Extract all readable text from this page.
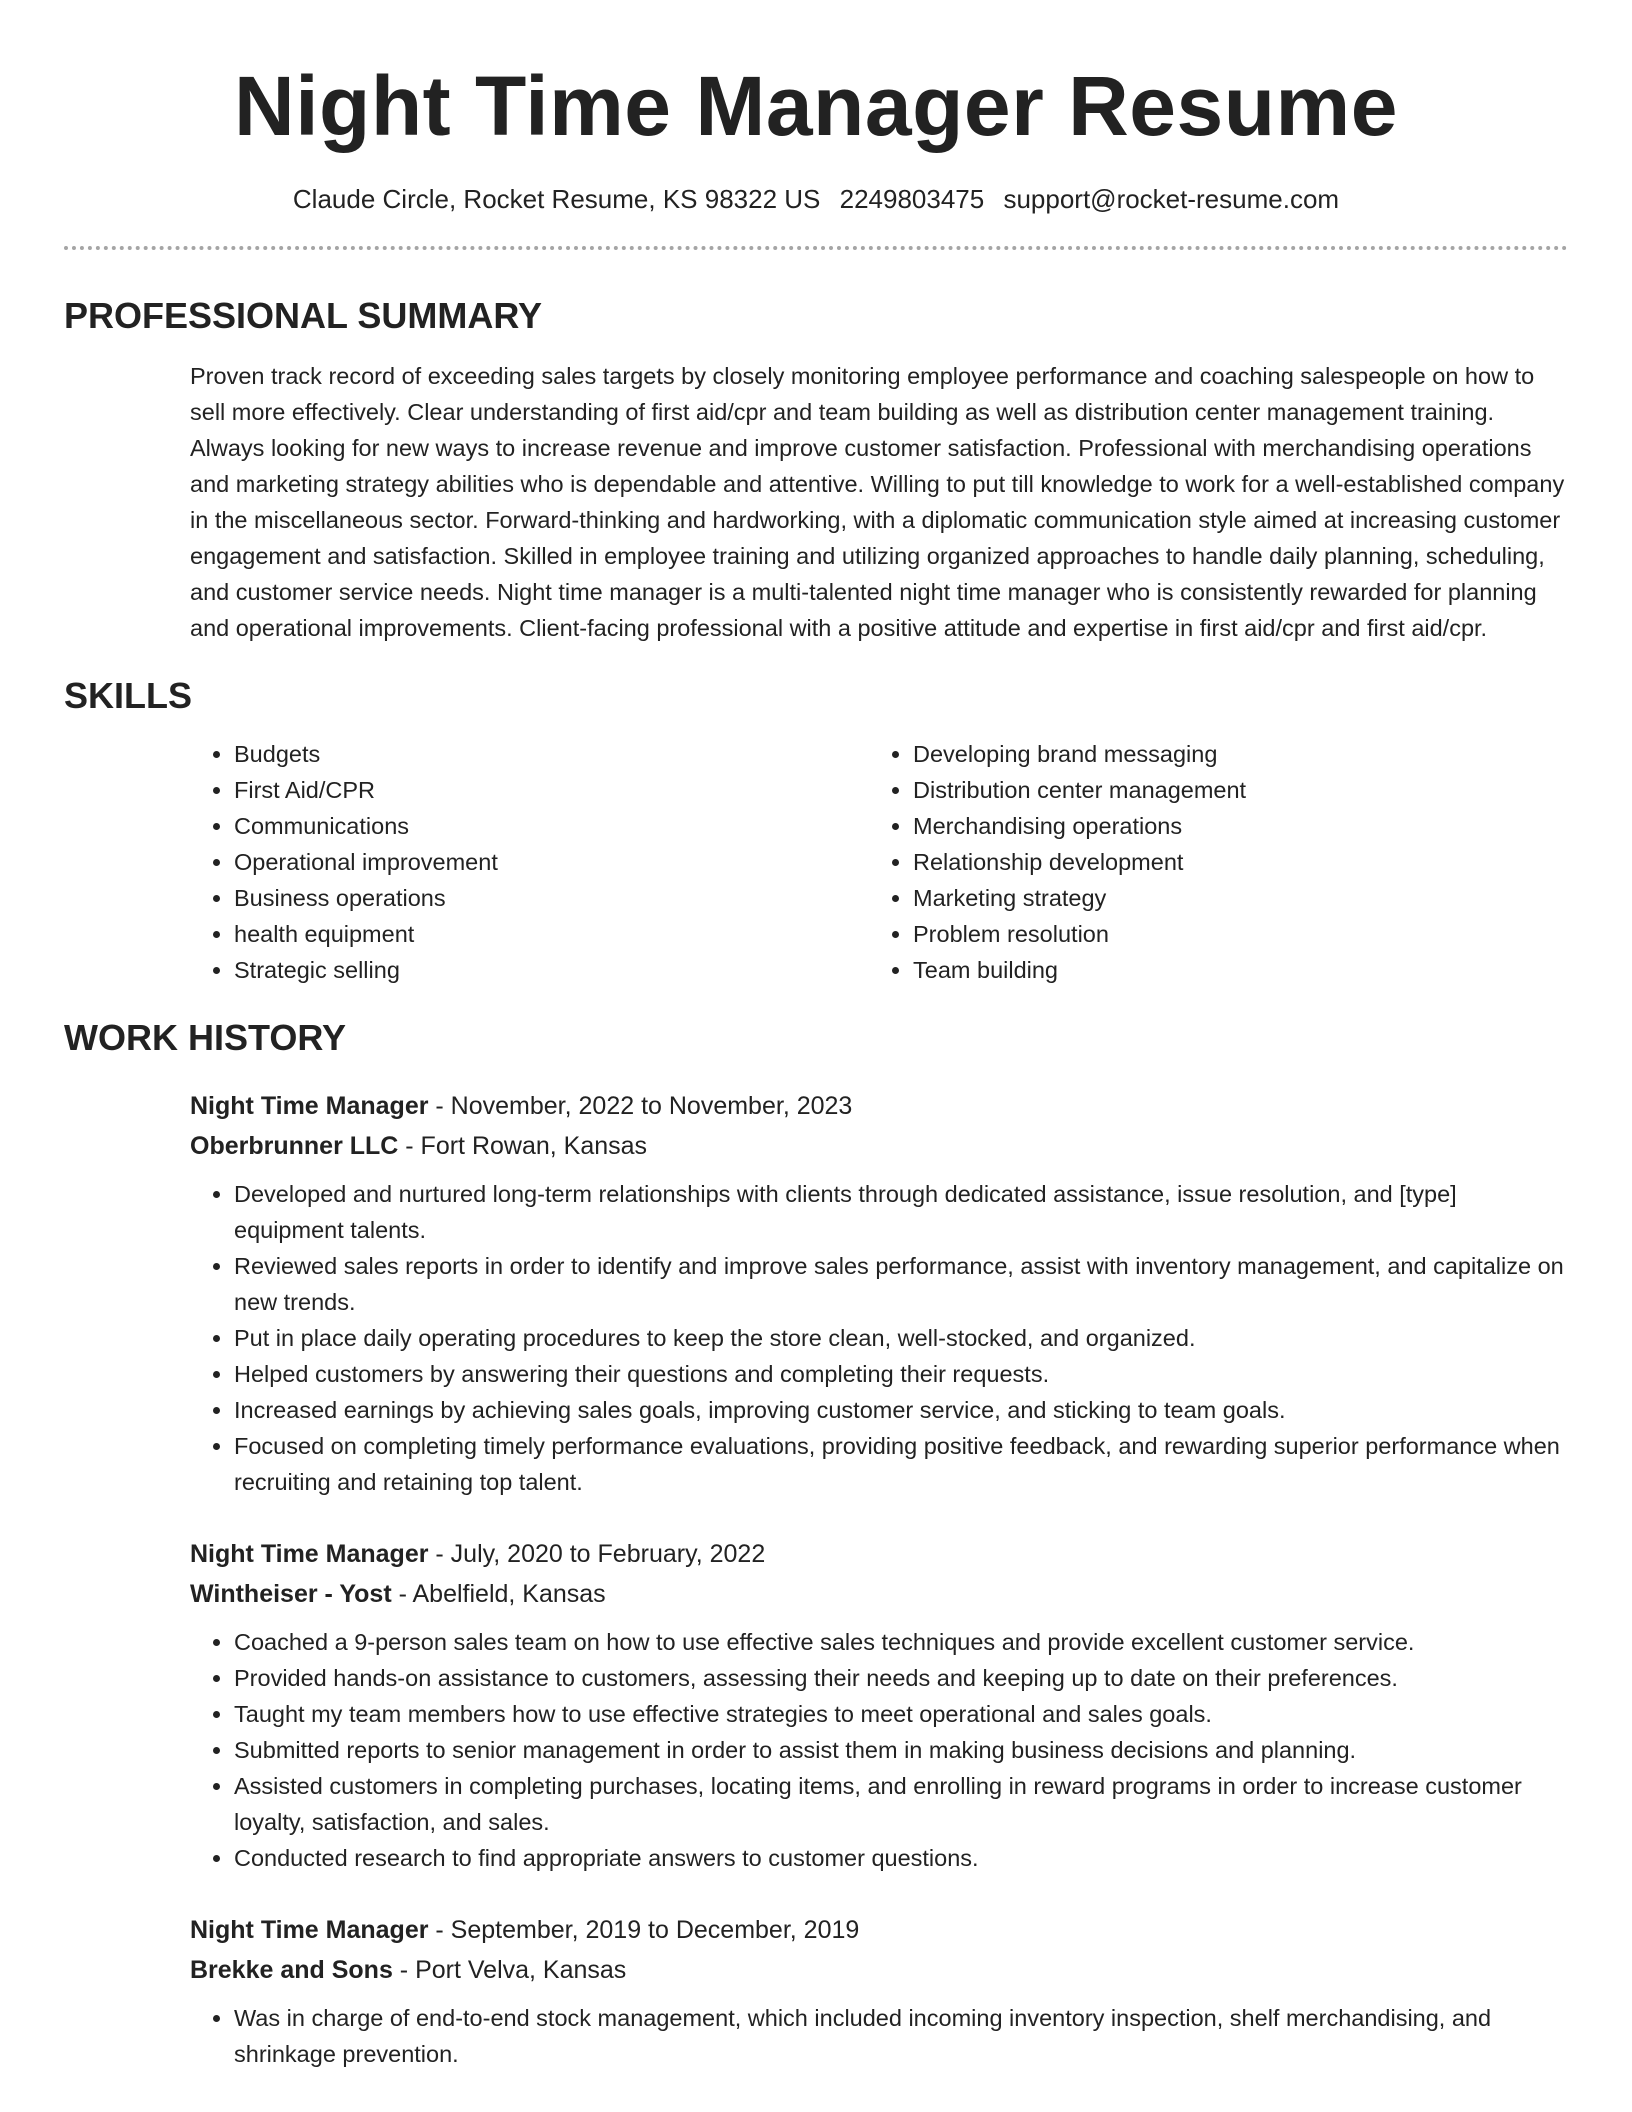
Night Time Manager Resume
Claude Circle, Rocket Resume, KS 98322 US 2249803475 support@rocket-resume.com
PROFESSIONAL SUMMARY

Proven track record of exceeding sales targets by closely monitoring employee performance and coaching salespeople on how to sell more effectively. Clear understanding of first aid/cpr and team building as well as distribution center management training. Always looking for new ways to increase revenue and improve customer satisfaction. Professional with merchandising operations and marketing strategy abilities who is dependable and attentive. Willing to put till knowledge to work for a well-established company in the miscellaneous sector. Forward-thinking and hardworking, with a diplomatic communication style aimed at increasing customer engagement and satisfaction. Skilled in employee training and utilizing organized approaches to handle daily planning, scheduling, and customer service needs. Night time manager is a multi-talented night time manager who is consistently rewarded for planning and operational improvements. Client-facing professional with a positive attitude and expertise in first aid/cpr and first aid/cpr.

SKILLS
• Budgets
• First Aid/CPR
• Communications
• Operational improvement
• Business operations
• health equipment
• Strategic selling
• Developing brand messaging
• Distribution center management
• Merchandising operations
• Relationship development
• Marketing strategy
• Problem resolution
• Team building
WORK HISTORY
Night Time Manager - November, 2022 to November, 2023
Oberbrunner LLC - Fort Rowan, Kansas
• Developed and nurtured long-term relationships with clients through dedicated assistance, issue resolution, and [type] equipment talents.
• Reviewed sales reports in order to identify and improve sales performance, assist with inventory management, and capitalize on new trends.
• Put in place daily operating procedures to keep the store clean, well-stocked, and organized.
• Helped customers by answering their questions and completing their requests.
• Increased earnings by achieving sales goals, improving customer service, and sticking to team goals.
• Focused on completing timely performance evaluations, providing positive feedback, and rewarding superior performance when recruiting and retaining top talent.
Night Time Manager - July, 2020 to February, 2022
Wintheiser - Yost - Abelfield, Kansas
• Coached a 9-person sales team on how to use effective sales techniques and provide excellent customer service.
• Provided hands-on assistance to customers, assessing their needs and keeping up to date on their preferences.
• Taught my team members how to use effective strategies to meet operational and sales goals.
• Submitted reports to senior management in order to assist them in making business decisions and planning.
• Assisted customers in completing purchases, locating items, and enrolling in reward programs in order to increase customer loyalty, satisfaction, and sales.
• Conducted research to find appropriate answers to customer questions.
Night Time Manager - September, 2019 to December, 2019
Brekke and Sons - Port Velva, Kansas
• Was in charge of end-to-end stock management, which included incoming inventory inspection, shelf merchandising, and shrinkage prevention.
